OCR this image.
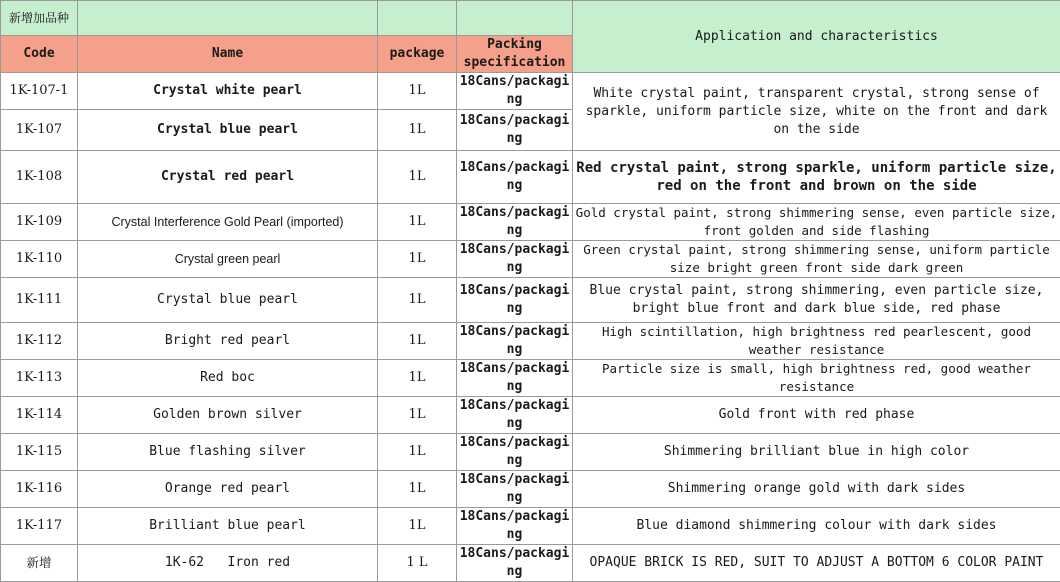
新增加品种				Application and characteristics
Code	Name	package	Packing specification	
1K-107-1	Crystal white pearl	1L	18Cans/packaging	White crystal paint, transparent crystal, strong sense of sparkle, uniform particle size, white on the front and dark on the side
1K-107	Crystal blue pearl	1L	18Cans/packaging	
1K-108	Crystal red pearl	1L	18Cans/packaging	Red crystal paint, strong sparkle, uniform particle size, red on the front and brown on the side
1K-109	Crystal Interference Gold Pearl (imported)	1L	18Cans/packaging	Gold crystal paint, strong shimmering sense, even particle size, front golden and side flashing
1K-110	Crystal green pearl	1L	18Cans/packaging	Green crystal paint, strong shimmering sense, uniform particle size bright green front side dark green
1K-111	Crystal blue pearl	1L	18Cans/packaging	Blue crystal paint, strong shimmering, even particle size, bright blue front and dark blue side, red phase
1K-112	Bright red pearl	1L	18Cans/packaging	High scintillation, high brightness red pearlescent, good weather resistance
1K-113	Red boc	1L	18Cans/packaging	Particle size is small, high brightness red, good weather resistance
1K-114	Golden brown silver	1L	18Cans/packaging	Gold front with red phase
1K-115	Blue flashing silver	1L	18Cans/packaging	Shimmering brilliant blue in high color
1K-116	Orange red pearl	1L	18Cans/packaging	Shimmering orange gold with dark sides
1K-117	Brilliant blue pearl	1L	18Cans/packaging	Blue diamond shimmering colour with dark sides
新增	1K-62   Iron red	1 L	18Cans/packaging	OPAQUE BRICK IS RED, SUIT TO ADJUST A BOTTOM 6 COLOR PAINT
